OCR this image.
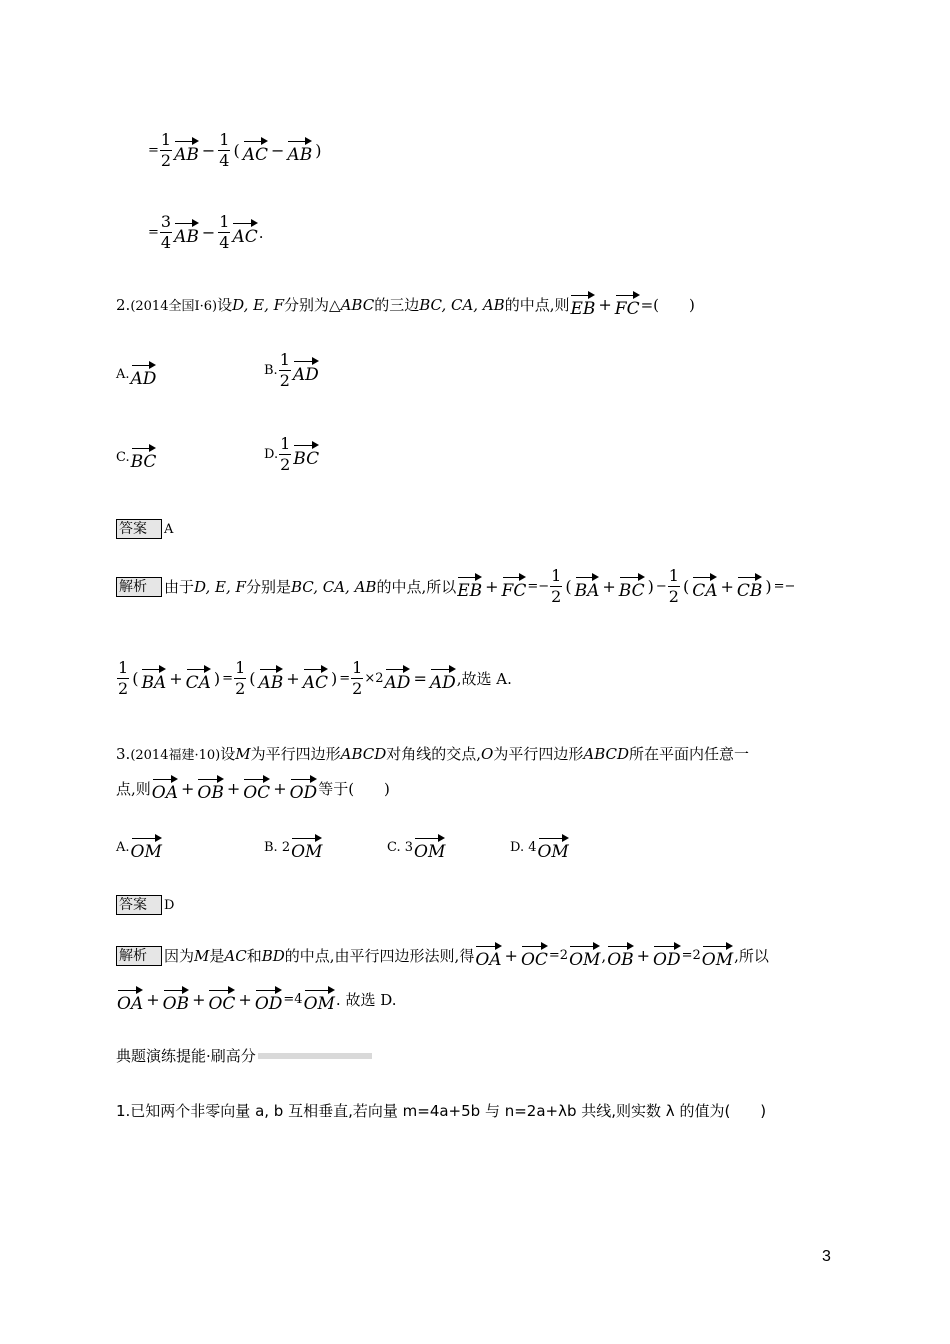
= $\frac{1}{2}$ AB − $\frac{1}{4}$ ( AC − AB )
= $\frac{3}{4}$ AB − $\frac{1}{4}$ AC .
2. (2014全国Ⅰ·6) 设 D, E, F 分别为△ ABC 的三边 BC, CA, AB 的中点,则 EB + FC =(　　)
A. AD	B. $\frac{1}{2}$ AD
C. BC	D. $\frac{1}{2}$ BC
答案	A
解析	由于 D, E, F 分别是 BC, CA, AB 的中点,所以 EB + FC =− $\frac{1}{2}$ ( BA + BC ) − $\frac{1}{2}$ ( CA + CB ) =−
$\frac{1}{2}$ ( BA + CA ) = $\frac{1}{2}$ ( AB + AC ) = $\frac{1}{2} \times 2$ AD = AD ,故选 A.
3. (2014福建·10) 设 M 为平行四边形 ABCD 对角线的交点, O 为平行四边形 ABCD 所在平面内任意一
点,则 OA + OB + OC + OD 等于(　　)
A. OM	B. 2 OM	C. 3 OM	D. 4 OM
答案	D
解析	因为 M 是 AC 和 BD 的中点,由平行四边形法则,得 OA + OC =2 OM , OB + OD =2 OM ,所以
OA + OB + OC + OD =4 OM . 故选 D.
典题演练提能·刷高分
1.已知两个非零向量 a, b 互相垂直,若向量 m=4a+5b 与 n=2a+λb 共线,则实数 λ 的值为(　　)
3
